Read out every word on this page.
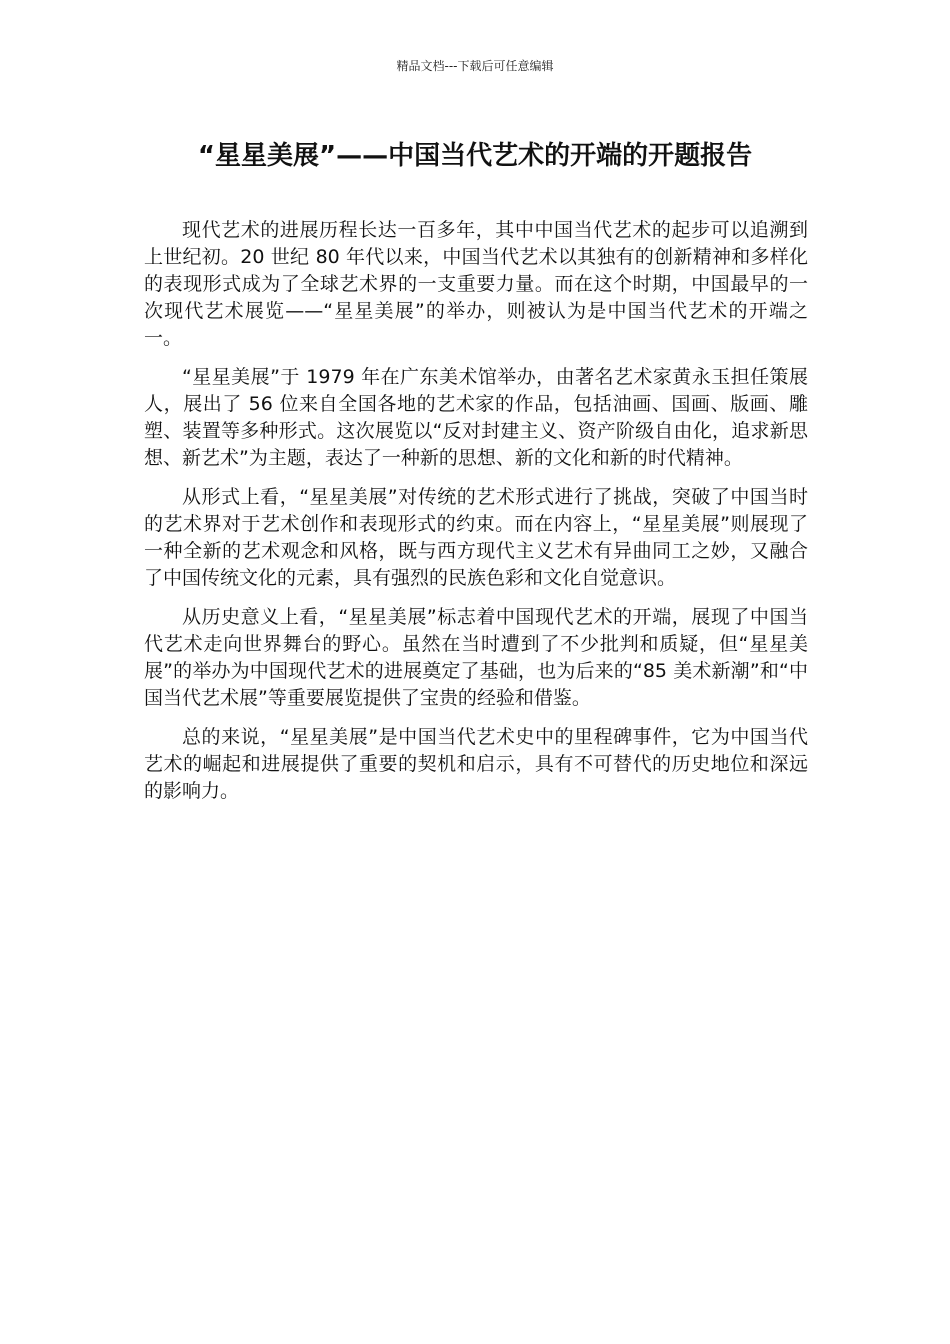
精品文档---下载后可任意编辑
“星星美展”——中国当代艺术的开端的开题报告

现代艺术的进展历程长达一百多年，其中中国当代艺术的起步可以追溯到上世纪初。20 世纪 80 年代以来，中国当代艺术以其独有的创新精神和多样化的表现形式成为了全球艺术界的一支重要力量。而在这个时期，中国最早的一次现代艺术展览——“星星美展”的举办，则被认为是中国当代艺术的开端之一。

“星星美展”于 1979 年在广东美术馆举办，由著名艺术家黄永玉担任策展人，展出了 56 位来自全国各地的艺术家的作品，包括油画、国画、版画、雕塑、装置等多种形式。这次展览以“反对封建主义、资产阶级自由化，追求新思想、新艺术”为主题，表达了一种新的思想、新的文化和新的时代精神。

从形式上看，“星星美展”对传统的艺术形式进行了挑战，突破了中国当时的艺术界对于艺术创作和表现形式的约束。而在内容上，“星星美展”则展现了一种全新的艺术观念和风格，既与西方现代主义艺术有异曲同工之妙，又融合了中国传统文化的元素，具有强烈的民族色彩和文化自觉意识。

从历史意义上看，“星星美展”标志着中国现代艺术的开端，展现了中国当代艺术走向世界舞台的野心。虽然在当时遭到了不少批判和质疑，但“星星美展”的举办为中国现代艺术的进展奠定了基础，也为后来的“85 美术新潮”和“中国当代艺术展”等重要展览提供了宝贵的经验和借鉴。

总的来说，“星星美展”是中国当代艺术史中的里程碑事件，它为中国当代艺术的崛起和进展提供了重要的契机和启示，具有不可替代的历史地位和深远的影响力。
